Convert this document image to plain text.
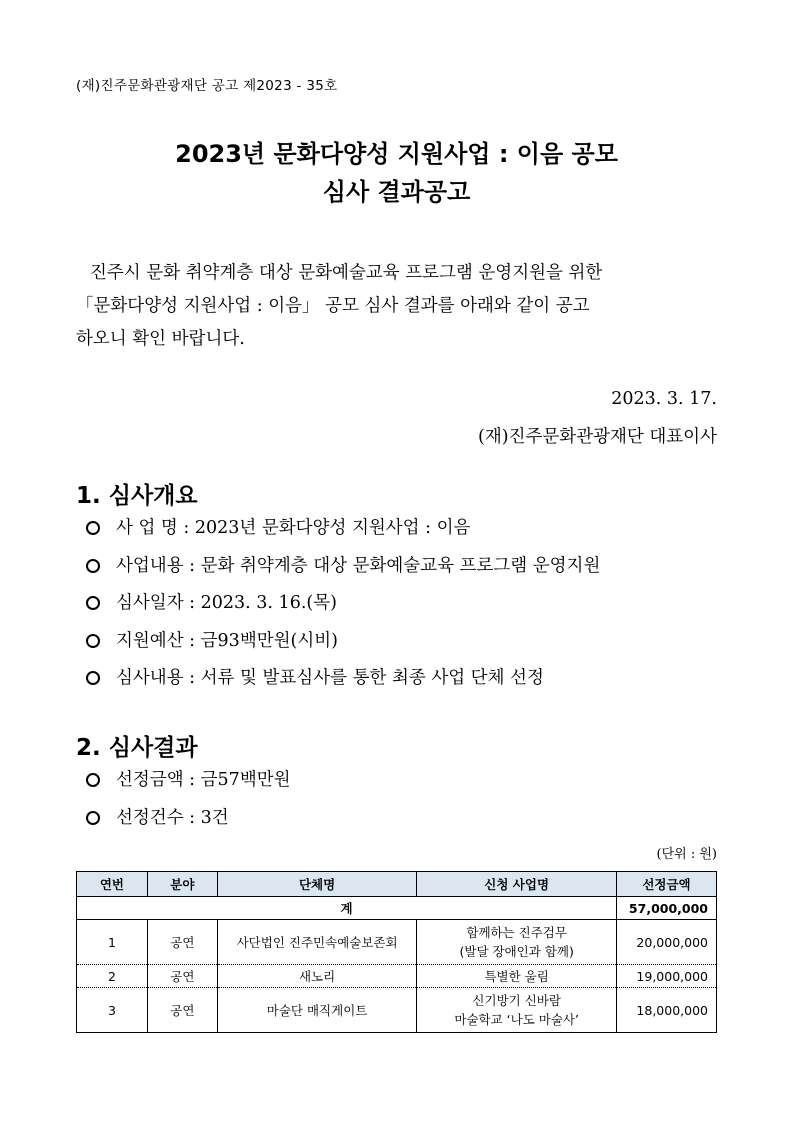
(재)진주문화관광재단 공고 제2023 - 35호
2023년 문화다양성 지원사업 : 이음 공모
심사 결과공고

진주시 문화 취약계층 대상 문화예술교육 프로그램 운영지원을 위한

「문화다양성 지원사업 : 이음」 공모 심사 결과를 아래와 같이 공고

하오니 확인 바랍니다.

2023. 3. 17.
(재)진주문화관광재단 대표이사
1. 심사개요
사 업 명 : 2023년 문화다양성 지원사업 : 이음
사업내용 : 문화 취약계층 대상 문화예술교육 프로그램 운영지원
심사일자 : 2023. 3. 16.(목)
지원예산 : 금93백만원(시비)
심사내용 : 서류 및 발표심사를 통한 최종 사업 단체 선정
2. 심사결과
선정금액 : 금57백만원
선정건수 : 3건
(단위 : 원)
연번	분야	단체명	신청 사업명	선정금액
계				57,000,000
1	공연	사단법인 진주민속예술보존회	함께하는 진주검무
(발달 장애인과 함께)	20,000,000
2	공연	새노리	특별한 울림	19,000,000
3	공연	마술단 매직게이트	신기방기 신바람
마술학교 ‘나도 마술사’	18,000,000
